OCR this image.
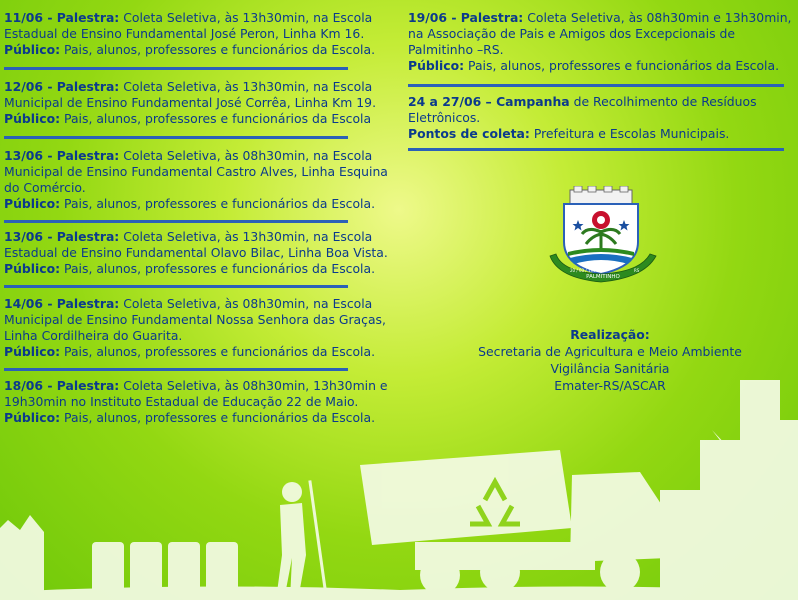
11/06 - Palestra: Coleta Seletiva, às 13h30min, na Escola Estadual de Ensino Fundamental José Peron, Linha Km 16.
Público: Pais, alunos, professores e funcionários da Escola.
12/06 - Palestra: Coleta Seletiva, às 13h30min, na Escola Municipal de Ensino Fundamental José Corrêa, Linha Km 19.
Público: Pais, alunos, professores e funcionários da Escola
13/06 - Palestra: Coleta Seletiva, às 08h30min, na Escola Municipal de Ensino Fundamental Castro Alves, Linha Esquina do Comércio.
Público: Pais, alunos, professores e funcionários da Escola.
13/06 - Palestra: Coleta Seletiva, às 13h30min, na Escola Estadual de Ensino Fundamental Olavo Bilac, Linha Boa Vista.
Público: Pais, alunos, professores e funcionários da Escola.
14/06 - Palestra: Coleta Seletiva, às 08h30min, na Escola Municipal de Ensino Fundamental Nossa Senhora das Graças, Linha Cordilheira do Guarita.
Público: Pais, alunos, professores e funcionários da Escola.
18/06 - Palestra: Coleta Seletiva, às 08h30min, 13h30min e 19h30min no Instituto Estadual de Educação 22 de Maio.
Público: Pais, alunos, professores e funcionários da Escola.
19/06 - Palestra: Coleta Seletiva, às 08h30min e 13h30min, na Associação de Pais e Amigos dos Excepcionais de Palmitinho –RS.
Público: Pais, alunos, professores e funcionários da Escola.
24 a 27/06 – Campanha de Recolhimento de Resíduos Eletrônicos.
Pontos de coleta: Prefeitura e Escolas Municipais.
PALMITINHO
20 / 03 / 1964	RS
Realização:
Secretaria de Agricultura e Meio Ambiente
Vigilância Sanitária
Emater-RS/ASCAR
